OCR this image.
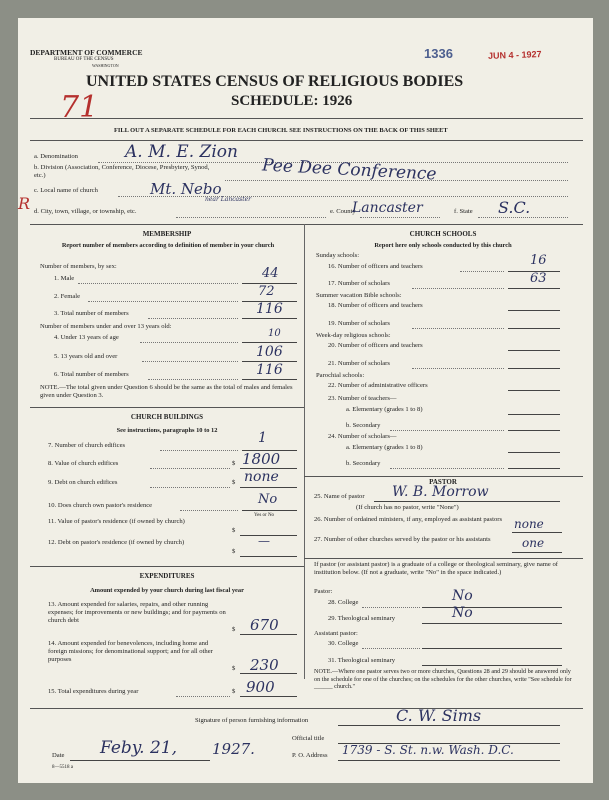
DEPARTMENT OF COMMERCE
BUREAU OF THE CENSUS
WASHINGTON
1336	JUN 4 - 1927
UNITED STATES CENSUS OF RELIGIOUS BODIES
SCHEDULE: 1926
71
FILL OUT A SEPARATE SCHEDULE FOR EACH CHURCH. SEE INSTRUCTIONS ON THE BACK OF THIS SHEET
a. Denomination	A. M. E. Zion
b. Division (Association, Conference, Diocese, Presbytery, Synod, etc.)	Pee Dee Conference
c. Local name of church	Mt. Nebo
near Lancaster
d. City, town, village, or township, etc.
R	e. County
Lancaster	f. State S.C.
MEMBERSHIP
Report number of members according to definition of member in your church
Number of members, by sex:
1. Male	44
2. Female	72
3. Total number of members	116
Number of members under and over 13 years old:
4. Under 13 years of age	10
5. 13 years old and over	106
6. Total number of members	116
NOTE.—The total given under Question 6 should be the same as the total of males and females given under Question 3.
CHURCH BUILDINGS
See instructions, paragraphs 10 to 12
7. Number of church edifices	1
8. Value of church edifices	$ 1800
9. Debt on church edifices	$ none
10. Does church own pastor's residence	No
Yes or No
11. Value of pastor's residence (if owned by church)
$
12. Debt on pastor's residence (if owned by church)
$
—
EXPENDITURES
Amount expended by your church during last fiscal year
13. Amount expended for salaries, repairs, and other running expenses; for improvements or new buildings; and for payments on church debt
$ 670
14. Amount expended for benevolences, including home and foreign missions; for denominational support; and for all other purposes
$ 230
15. Total expenditures during year	$ 900
CHURCH SCHOOLS
Report here only schools conducted by this church
Sunday schools:
16. Number of officers and teachers	16
17. Number of scholars	63
Summer vacation Bible schools:
18. Number of officers and teachers
19. Number of scholars
Week-day religious schools:
20. Number of officers and teachers
21. Number of scholars
Parochial schools:
22. Number of administrative officers
23. Number of teachers—
a. Elementary (grades 1 to 8)
b. Secondary
24. Number of scholars—
a. Elementary (grades 1 to 8)
b. Secondary
PASTOR
25. Name of pastor W. B. Morrow
(If church has no pastor, write "None")
26. Number of ordained ministers, if any, employed as assistant pastors none
27. Number of other churches served by the pastor or his assistants	one
If pastor (or assistant pastor) is a graduate of a college or theological seminary, give name of institution below. (If not a graduate, write "No" in the space indicated.)
Pastor:
28. College	No
29. Theological seminary	No
Assistant pastor:
30. College
31. Theological seminary
NOTE.—Where one pastor serves two or more churches, Questions 28 and 29 should be answered only on the schedule for one of the churches; on the schedules for the other churches, write "See schedule for ______ church."
Signature of person furnishing information	C. W. Sims
Official title
Date Feby. 21, 1927.	P. O. Address 1739 - S. St. n.w. Wash. D.C.
8—5518 a
